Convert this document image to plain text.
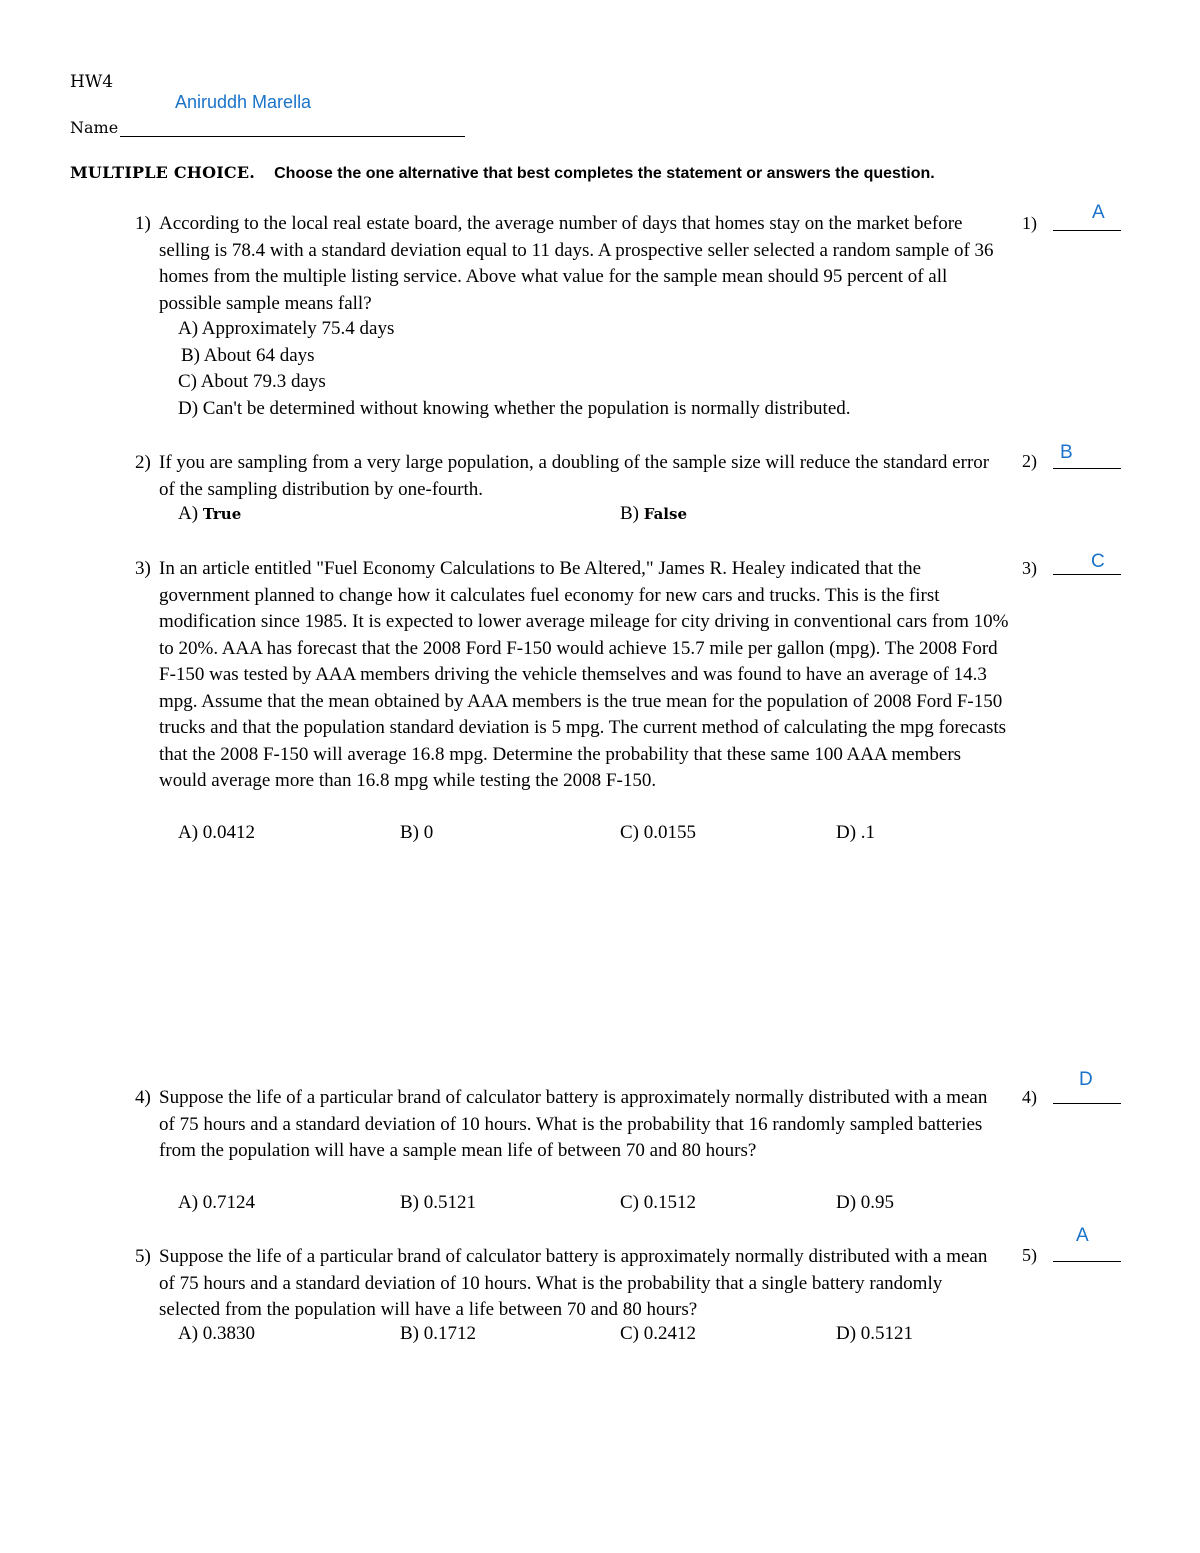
HW4
Aniruddh Marella
Name
MULTIPLE CHOICE. Choose the one alternative that best completes the statement or answers the question.
1) According to the local real estate board, the average number of days that homes stay on the market before selling is 78.4 with a standard deviation equal to 11 days. A prospective seller selected a random sample of 36 homes from the multiple listing service. Above what value for the sample mean should 95 percent of all possible sample means fall?
A) Approximately 75.4 days
B) About 64 days
C) About 79.3 days
D) Can't be determined without knowing whether the population is normally distributed.
1)	A
2) If you are sampling from a very large population, a doubling of the sample size will reduce the standard error of the sampling distribution by one-fourth.
A) True	B) False
2) B
3) In an article entitled "Fuel Economy Calculations to Be Altered," James R. Healey indicated that the government planned to change how it calculates fuel economy for new cars and trucks. This is the first modification since 1985. It is expected to lower average mileage for city driving in conventional cars from 10% to 20%. AAA has forecast that the 2008 Ford F-150 would achieve 15.7 mile per gallon (mpg). The 2008 Ford F-150 was tested by AAA members driving the vehicle themselves and was found to have an average of 14.3 mpg. Assume that the mean obtained by AAA members is the true mean for the population of 2008 Ford F-150 trucks and that the population standard deviation is 5 mpg. The current method of calculating the mpg forecasts that the 2008 F-150 will average 16.8 mpg. Determine the probability that these same 100 AAA members would average more than 16.8 mpg while testing the 2008 F-150.
A) 0.0412	B) 0	C) 0.0155	D) .1
3)	C
4) Suppose the life of a particular brand of calculator battery is approximately normally distributed with a mean of 75 hours and a standard deviation of 10 hours. What is the probability that 16 randomly sampled batteries from the population will have a sample mean life of between 70 and 80 hours?
A) 0.7124	B) 0.5121	C) 0.1512	D) 0.95
4)
D
5) Suppose the life of a particular brand of calculator battery is approximately normally distributed with a mean of 75 hours and a standard deviation of 10 hours. What is the probability that a single battery randomly selected from the population will have a life between 70 and 80 hours?
A) 0.3830	B) 0.1712	C) 0.2412	D) 0.5121
5)
A
